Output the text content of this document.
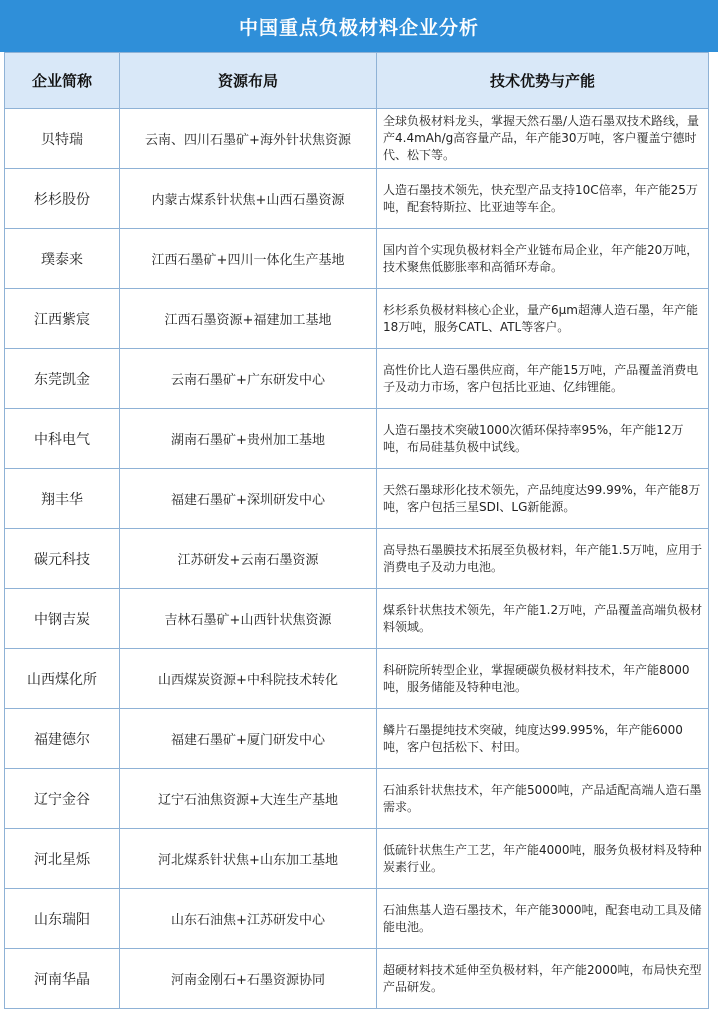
中国重点负极材料企业分析
企业简称	资源布局	技术优势与产能
贝特瑞	云南、四川石墨矿+海外针状焦资源	全球负极材料龙头，掌握天然石墨/人造石墨双技术路线，量产4.4mAh/g高容量产品，年产能30万吨，客户覆盖宁德时代、松下等。
杉杉股份	内蒙古煤系针状焦+山西石墨资源	人造石墨技术领先，快充型产品支持10C倍率，年产能25万吨，配套特斯拉、比亚迪等车企。
璞泰来	江西石墨矿+四川一体化生产基地	国内首个实现负极材料全产业链布局企业，年产能20万吨，技术聚焦低膨胀率和高循环寿命。
江西紫宸	江西石墨资源+福建加工基地	杉杉系负极材料核心企业，量产6μm超薄人造石墨，年产能18万吨，服务CATL、ATL等客户。
东莞凯金	云南石墨矿+广东研发中心	高性价比人造石墨供应商，年产能15万吨，产品覆盖消费电子及动力市场，客户包括比亚迪、亿纬锂能。
中科电气	湖南石墨矿+贵州加工基地	人造石墨技术突破1000次循环保持率95%，年产能12万吨，布局硅基负极中试线。
翔丰华	福建石墨矿+深圳研发中心	天然石墨球形化技术领先，产品纯度达99.99%，年产能8万吨，客户包括三星SDI、LG新能源。
碳元科技	江苏研发+云南石墨资源	高导热石墨膜技术拓展至负极材料，年产能1.5万吨，应用于消费电子及动力电池。
中钢吉炭	吉林石墨矿+山西针状焦资源	煤系针状焦技术领先，年产能1.2万吨，产品覆盖高端负极材料领域。
山西煤化所	山西煤炭资源+中科院技术转化	科研院所转型企业，掌握硬碳负极材料技术，年产能8000吨，服务储能及特种电池。
福建德尔	福建石墨矿+厦门研发中心	鳞片石墨提纯技术突破，纯度达99.995%，年产能6000吨，客户包括松下、村田。
辽宁金谷	辽宁石油焦资源+大连生产基地	石油系针状焦技术，年产能5000吨，产品适配高端人造石墨需求。
河北星烁	河北煤系针状焦+山东加工基地	低硫针状焦生产工艺，年产能4000吨，服务负极材料及特种炭素行业。
山东瑞阳	山东石油焦+江苏研发中心	石油焦基人造石墨技术，年产能3000吨，配套电动工具及储能电池。
河南华晶	河南金刚石+石墨资源协同	超硬材料技术延伸至负极材料，年产能2000吨，布局快充型产品研发。
